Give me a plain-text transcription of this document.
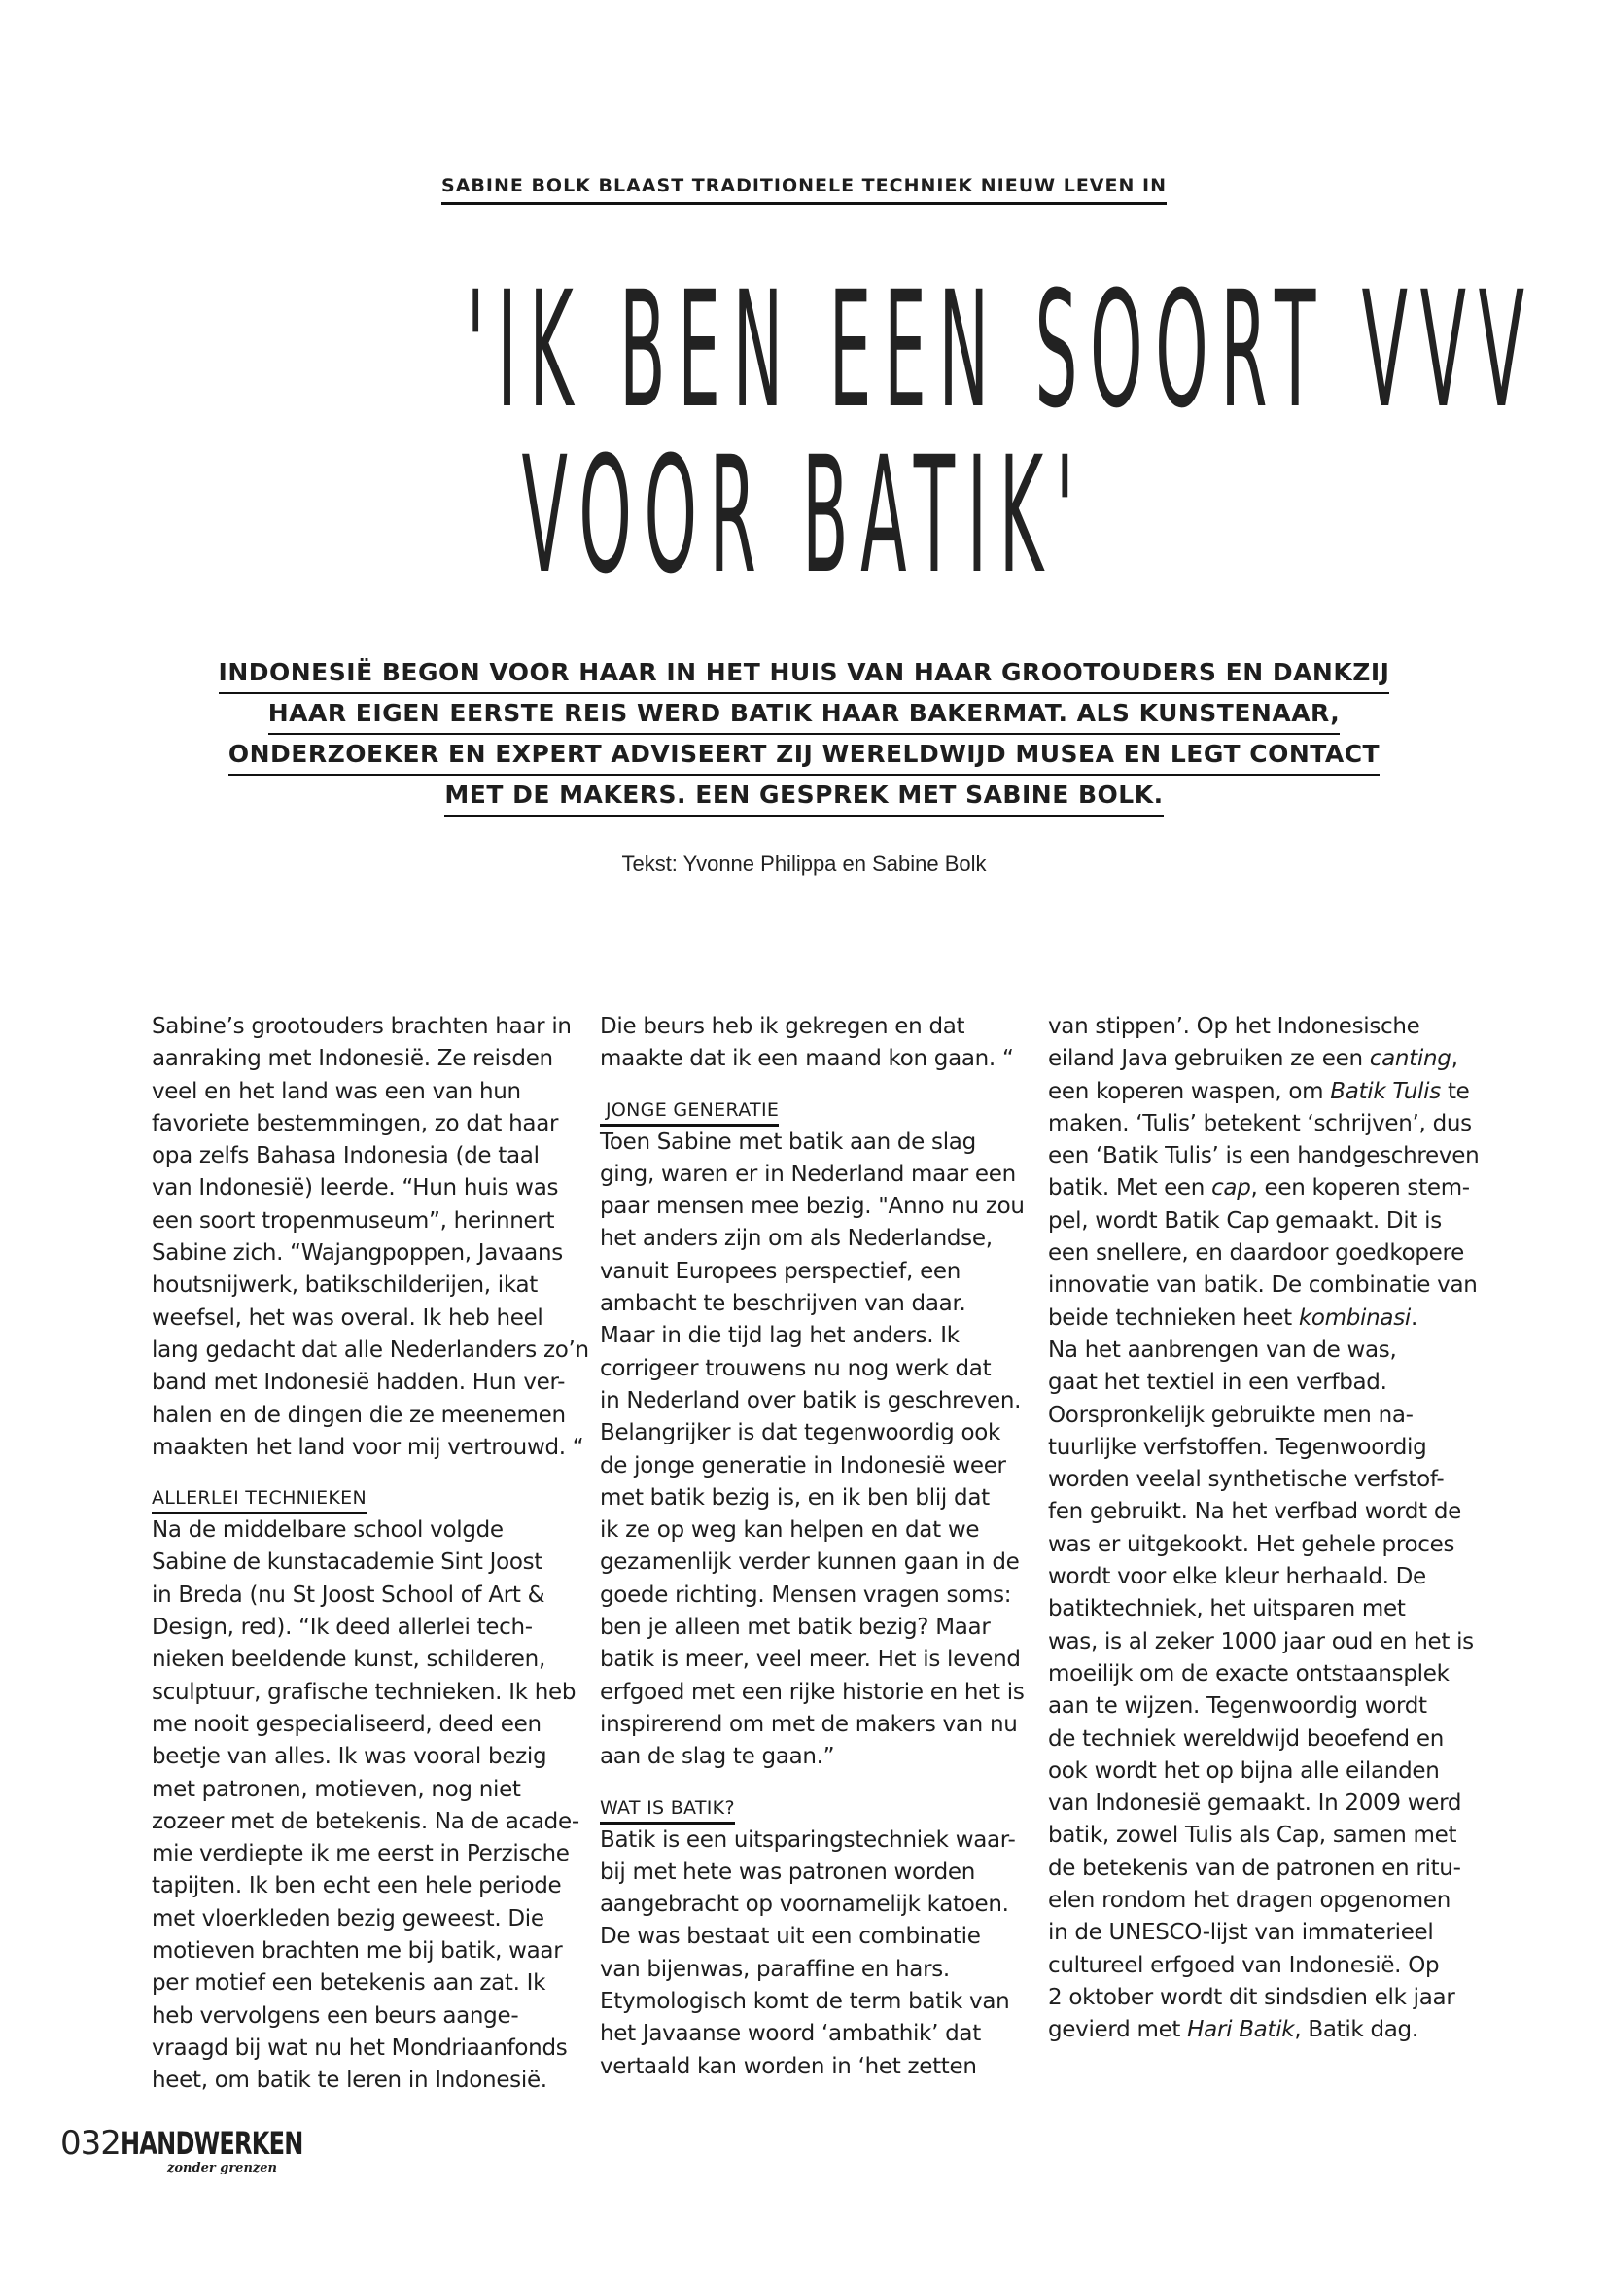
SABINE BOLK BLAAST TRADITIONELE TECHNIEK NIEUW LEVEN IN
'IK BEN EEN SOORT VVV
VOOR BATIK'
INDONESIË BEGON VOOR HAAR IN HET HUIS VAN HAAR GROOTOUDERS EN DANKZIJ
HAAR EIGEN EERSTE REIS WERD BATIK HAAR BAKERMAT. ALS KUNSTENAAR,
ONDERZOEKER EN EXPERT ADVISEERT ZIJ WERELDWIJD MUSEA EN LEGT CONTACT
MET DE MAKERS. EEN GESPREK MET SABINE BOLK.
Tekst: Yvonne Philippa en Sabine Bolk
Sabine’s grootouders brachten haar in
aanraking met Indonesië. Ze reisden
veel en het land was een van hun
favoriete bestemmingen, zo dat haar
opa zelfs Bahasa Indonesia (de taal
van Indonesië) leerde. “Hun huis was
een soort tropenmuseum”, herinnert
Sabine zich. “Wajangpoppen, Javaans
houtsnijwerk, batikschilderijen, ikat
weefsel, het was overal. Ik heb heel
lang gedacht dat alle Nederlanders zo’n
band met Indonesië hadden. Hun ver-
halen en de dingen die ze meenemen
maakten het land voor mij vertrouwd. “
ALLERLEI TECHNIEKEN
Na de middelbare school volgde
Sabine de kunstacademie Sint Joost
in Breda (nu St Joost School of Art &
Design, red). “Ik deed allerlei tech-
nieken beeldende kunst, schilderen,
sculptuur, grafische technieken. Ik heb
me nooit gespecialiseerd, deed een
beetje van alles. Ik was vooral bezig
met patronen, motieven, nog niet
zozeer met de betekenis. Na de acade-
mie verdiepte ik me eerst in Perzische
tapijten. Ik ben echt een hele periode
met vloerkleden bezig geweest. Die
motieven brachten me bij batik, waar
per motief een betekenis aan zat. Ik
heb vervolgens een beurs aange-
vraagd bij wat nu het Mondriaanfonds
heet, om batik te leren in Indonesië.
Die beurs heb ik gekregen en dat
maakte dat ik een maand kon gaan. “
JONGE GENERATIE
Toen Sabine met batik aan de slag
ging, waren er in Nederland maar een
paar mensen mee bezig. "Anno nu zou
het anders zijn om als Nederlandse,
vanuit Europees perspectief, een
ambacht te beschrijven van daar.
Maar in die tijd lag het anders. Ik
corrigeer trouwens nu nog werk dat
in Nederland over batik is geschreven.
Belangrijker is dat tegenwoordig ook
de jonge generatie in Indonesië weer
met batik bezig is, en ik ben blij dat
ik ze op weg kan helpen en dat we
gezamenlijk verder kunnen gaan in de
goede richting. Mensen vragen soms:
ben je alleen met batik bezig? Maar
batik is meer, veel meer. Het is levend
erfgoed met een rijke historie en het is
inspirerend om met de makers van nu
aan de slag te gaan.”
WAT IS BATIK?
Batik is een uitsparingstechniek waar-
bij met hete was patronen worden
aangebracht op voornamelijk katoen.
De was bestaat uit een combinatie
van bijenwas, paraffine en hars.
Etymologisch komt de term batik van
het Javaanse woord ‘ambathik’ dat
vertaald kan worden in ‘het zetten
van stippen’. Op het Indonesische
eiland Java gebruiken ze een canting,
een koperen waspen, om Batik Tulis te
maken. ‘Tulis’ betekent ‘schrijven’, dus
een ‘Batik Tulis’ is een handgeschreven
batik. Met een cap, een koperen stem-
pel, wordt Batik Cap gemaakt. Dit is
een snellere, en daardoor goedkopere
innovatie van batik. De combinatie van
beide technieken heet kombinasi.
Na het aanbrengen van de was,
gaat het textiel in een verfbad.
Oorspronkelijk gebruikte men na-
tuurlijke verfstoffen. Tegenwoordig
worden veelal synthetische verfstof-
fen gebruikt. Na het verfbad wordt de
was er uitgekookt. Het gehele proces
wordt voor elke kleur herhaald. De
batiktechniek, het uitsparen met
was, is al zeker 1000 jaar oud en het is
moeilijk om de exacte ontstaansplek
aan te wijzen. Tegenwoordig wordt
de techniek wereldwijd beoefend en
ook wordt het op bijna alle eilanden
van Indonesië gemaakt. In 2009 werd
batik, zowel Tulis als Cap, samen met
de betekenis van de patronen en ritu-
elen rondom het dragen opgenomen
in de UNESCO-lijst van immaterieel
cultureel erfgoed van Indonesië. Op
2 oktober wordt dit sindsdien elk jaar
gevierd met Hari Batik, Batik dag.
032HANDWERKEN
zonder grenzen
